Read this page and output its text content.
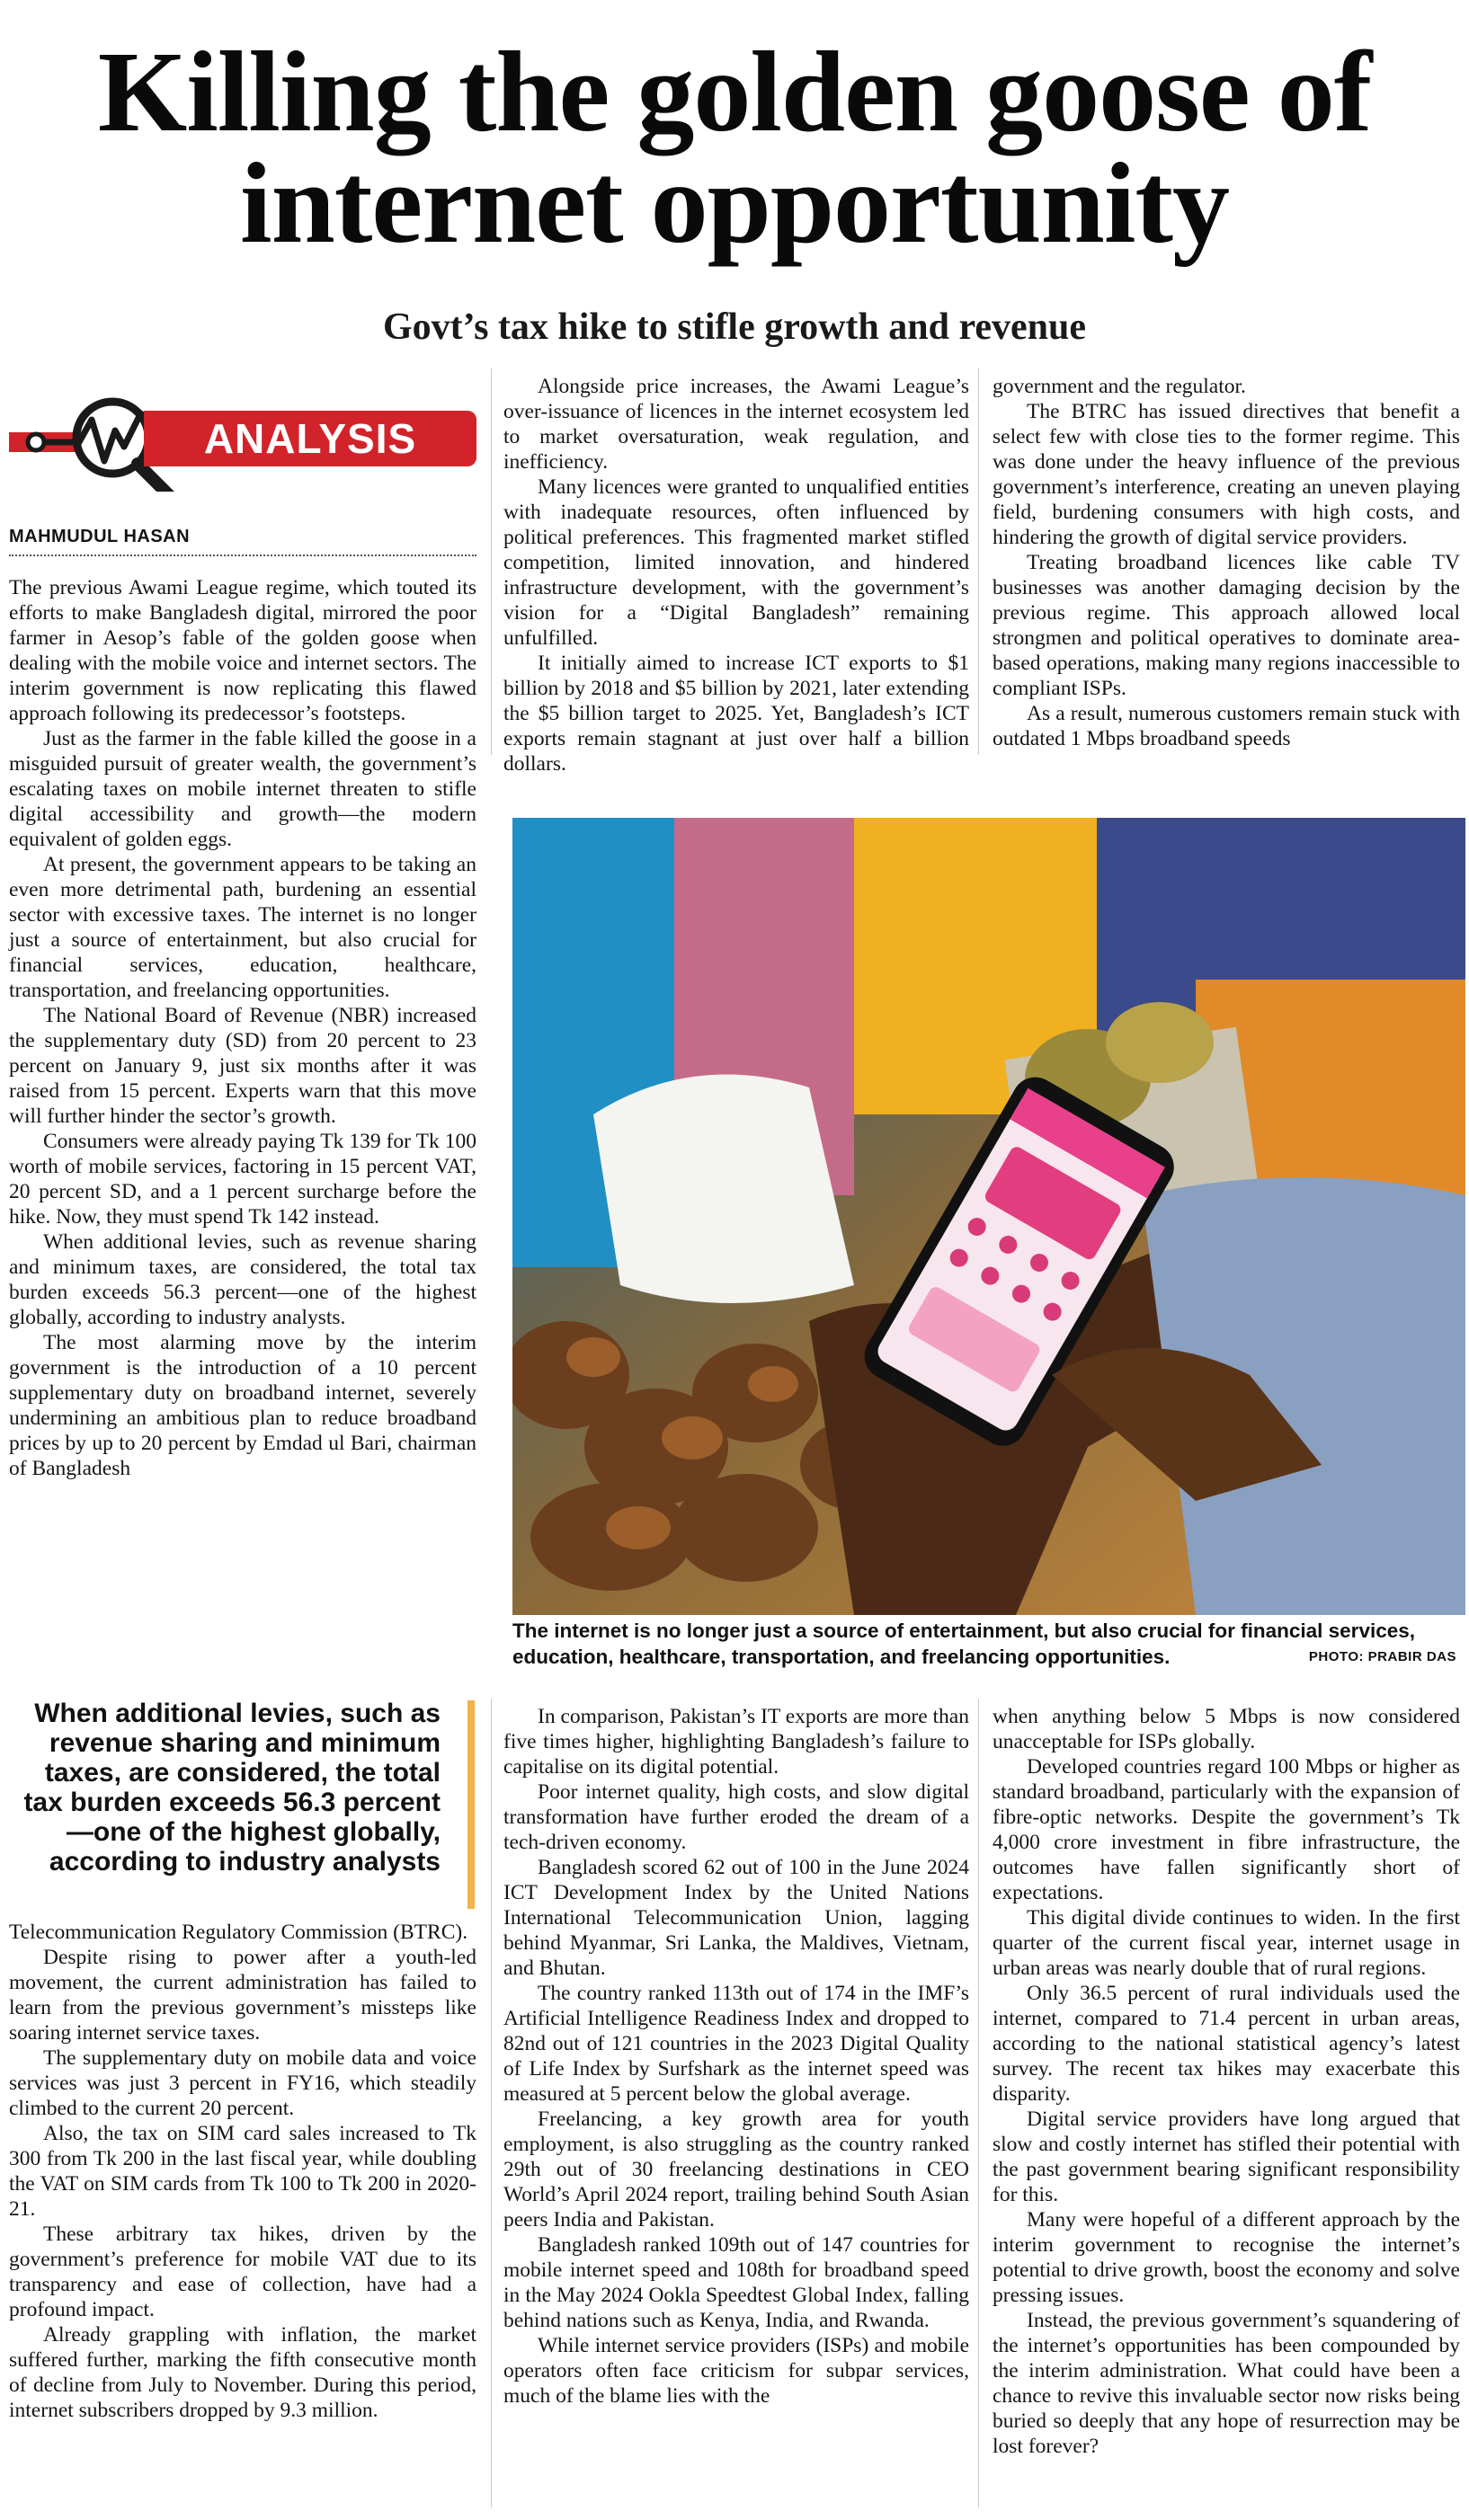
Killing the golden goose of internet opportunity
Govt’s tax hike to stifle growth and revenue
ANALYSIS
MAHMUDUL HASAN

The previous Awami League regime, which touted its efforts to make Bangladesh digital, mirrored the poor farmer in Aesop’s fable of the golden goose when dealing with the mobile voice and internet sectors. The interim government is now replicating this flawed approach following its predecessor’s footsteps.

Just as the farmer in the fable killed the goose in a misguided pursuit of greater wealth, the government’s escalating taxes on mobile internet threaten to stifle digital accessibility and growth—the modern equivalent of golden eggs.

At present, the government appears to be taking an even more detrimental path, burdening an essential sector with excessive taxes. The internet is no longer just a source of entertainment, but also crucial for financial services, education, healthcare, transportation, and freelancing opportunities.

The National Board of Revenue (NBR) increased the supplementary duty (SD) from 20 percent to 23 percent on January 9, just six months after it was raised from 15 percent. Experts warn that this move will further hinder the sector’s growth.

Consumers were already paying Tk 139 for Tk 100 worth of mobile services, factoring in 15 percent VAT, 20 percent SD, and a 1 percent surcharge before the hike. Now, they must spend Tk 142 instead.

When additional levies, such as revenue sharing and minimum taxes, are considered, the total tax burden exceeds 56.3 percent—one of the highest globally, according to industry analysts.

The most alarming move by the interim government is the introduction of a 10 percent supplementary duty on broadband internet, severely undermining an ambitious plan to reduce broadband prices by up to 20 percent by Emdad ul Bari, chairman of Bangladesh

Alongside price increases, the Awami League’s over-issuance of licences in the internet ecosystem led to market oversaturation, weak regulation, and inefficiency.

Many licences were granted to unqualified entities with inadequate resources, often influenced by political preferences. This fragmented market stifled competition, limited innovation, and hindered infrastructure development, with the government’s vision for a “Digital Bangladesh” remaining unfulfilled.

It initially aimed to increase ICT exports to $1 billion by 2018 and $5 billion by 2021, later extending the $5 billion target to 2025. Yet, Bangladesh’s ICT exports remain stagnant at just over half a billion dollars.

government and the regulator.

The BTRC has issued directives that benefit a select few with close ties to the former regime. This was done under the heavy influence of the previous government’s interference, creating an uneven playing field, burdening consumers with high costs, and hindering the growth of digital service providers.

Treating broadband licences like cable TV businesses was another damaging decision by the previous regime. This approach allowed local strongmen and political operatives to dominate area-based operations, making many regions inaccessible to compliant ISPs.

As a result, numerous customers remain stuck with outdated 1 Mbps broadband speeds

The internet is no longer just a source of entertainment, but also crucial for financial services, education, healthcare, transportation, and freelancing opportunities.	PHOTO: PRABIR DAS
When additional levies, such as revenue sharing and minimum taxes, are considered, the total tax burden exceeds 56.3 percent—one of the highest globally, according to industry analysts

Telecommunication Regulatory Commission (BTRC).

Despite rising to power after a youth-led movement, the current administration has failed to learn from the previous government’s missteps like soaring internet service taxes.

The supplementary duty on mobile data and voice services was just 3 percent in FY16, which steadily climbed to the current 20 percent.

Also, the tax on SIM card sales increased to Tk 300 from Tk 200 in the last fiscal year, while doubling the VAT on SIM cards from Tk 100 to Tk 200 in 2020-21.

These arbitrary tax hikes, driven by the government’s preference for mobile VAT due to its transparency and ease of collection, have had a profound impact.

Already grappling with inflation, the market suffered further, marking the fifth consecutive month of decline from July to November. During this period, internet subscribers dropped by 9.3 million.

In comparison, Pakistan’s IT exports are more than five times higher, highlighting Bangladesh’s failure to capitalise on its digital potential.

Poor internet quality, high costs, and slow digital transformation have further eroded the dream of a tech-driven economy.

Bangladesh scored 62 out of 100 in the June 2024 ICT Development Index by the United Nations International Telecommunication Union, lagging behind Myanmar, Sri Lanka, the Maldives, Vietnam, and Bhutan.

The country ranked 113th out of 174 in the IMF’s Artificial Intelligence Readiness Index and dropped to 82nd out of 121 countries in the 2023 Digital Quality of Life Index by Surfshark as the internet speed was measured at 5 percent below the global average.

Freelancing, a key growth area for youth employment, is also struggling as the country ranked 29th out of 30 freelancing destinations in CEO World’s April 2024 report, trailing behind South Asian peers India and Pakistan.

Bangladesh ranked 109th out of 147 countries for mobile internet speed and 108th for broadband speed in the May 2024 Ookla Speedtest Global Index, falling behind nations such as Kenya, India, and Rwanda.

While internet service providers (ISPs) and mobile operators often face criticism for subpar services, much of the blame lies with the

when anything below 5 Mbps is now considered unacceptable for ISPs globally.

Developed countries regard 100 Mbps or higher as standard broadband, particularly with the expansion of fibre-optic networks. Despite the government’s Tk 4,000 crore investment in fibre infrastructure, the outcomes have fallen significantly short of expectations.

This digital divide continues to widen. In the first quarter of the current fiscal year, internet usage in urban areas was nearly double that of rural regions.

Only 36.5 percent of rural individuals used the internet, compared to 71.4 percent in urban areas, according to the national statistical agency’s latest survey. The recent tax hikes may exacerbate this disparity.

Digital service providers have long argued that slow and costly internet has stifled their potential with the past government bearing significant responsibility for this.

Many were hopeful of a different approach by the interim government to recognise the internet’s potential to drive growth, boost the economy and solve pressing issues.

Instead, the previous government’s squandering of the internet’s opportunities has been compounded by the interim administration. What could have been a chance to revive this invaluable sector now risks being buried so deeply that any hope of resurrection may be lost forever?
